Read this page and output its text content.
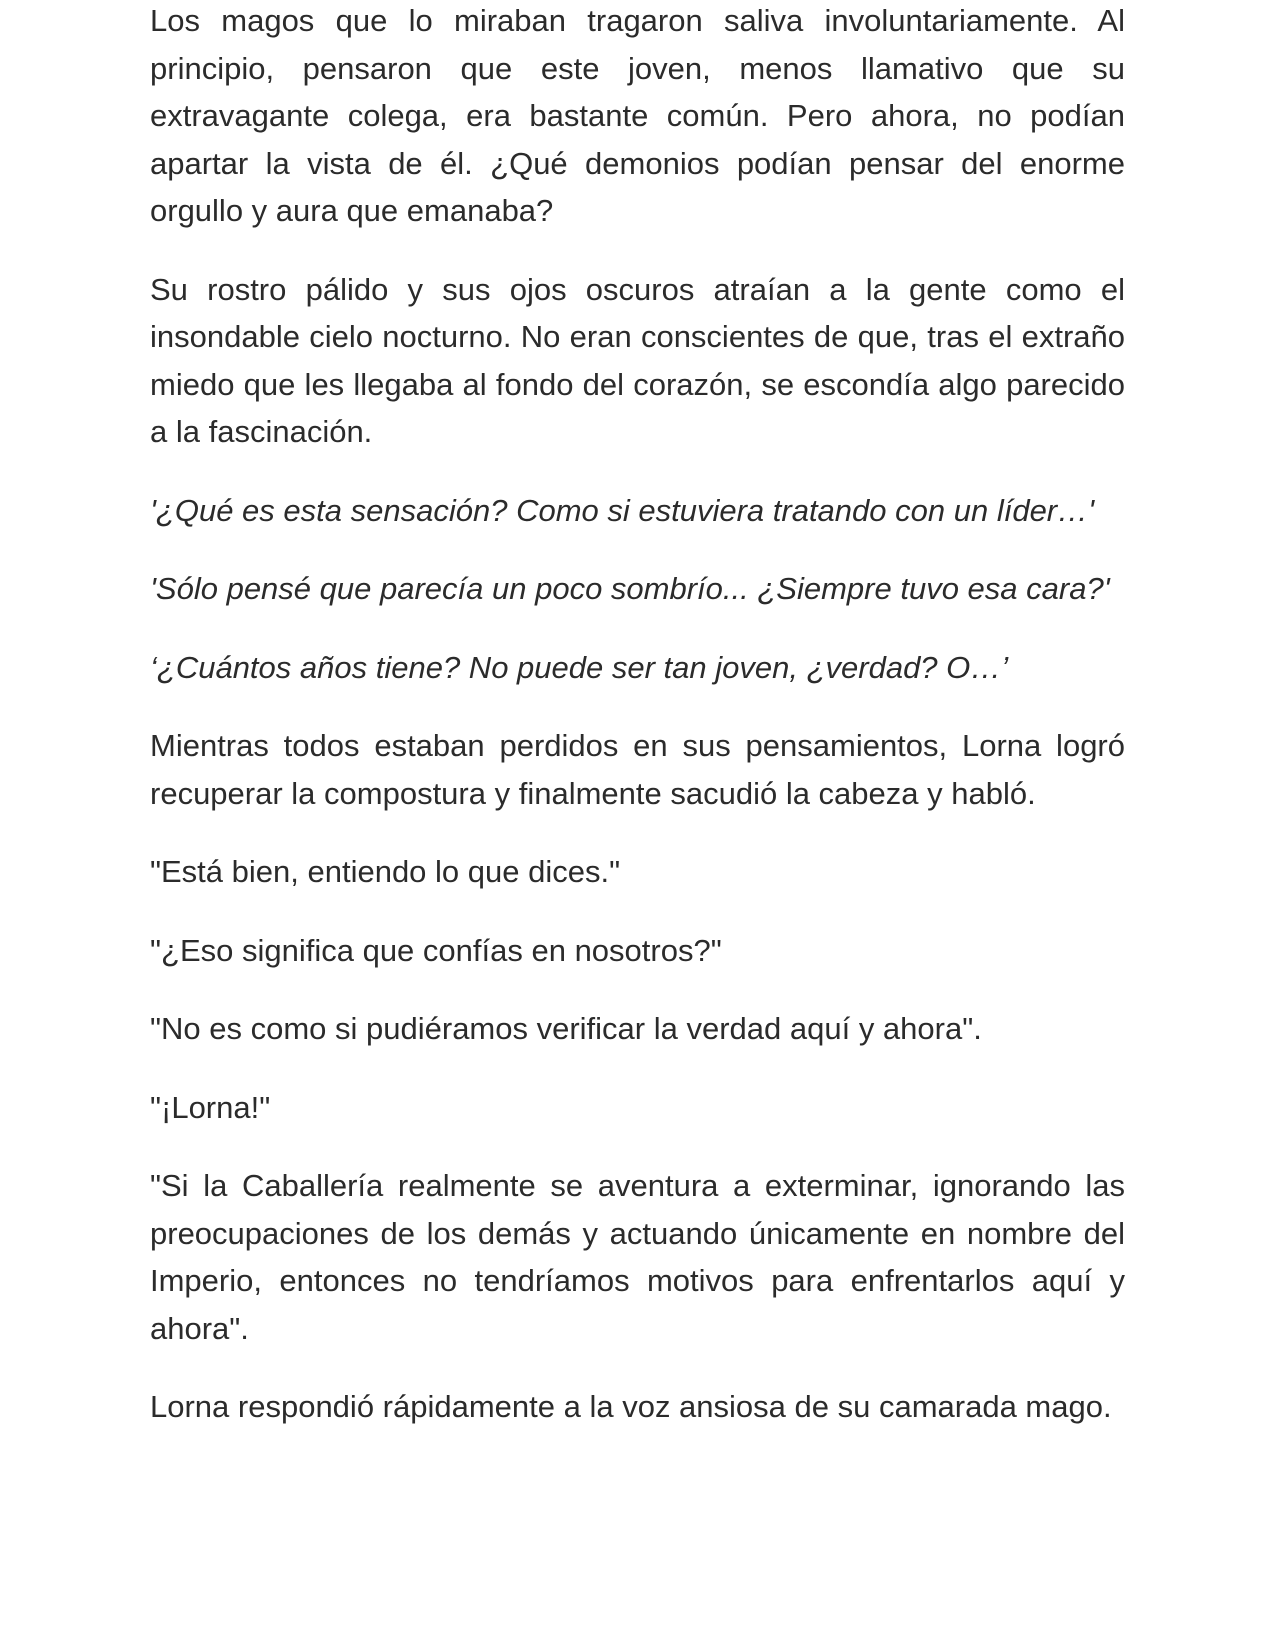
Los magos que lo miraban tragaron saliva involuntariamente. Al principio, pensaron que este joven, menos llamativo que su extravagante colega, era bastante común. Pero ahora, no podían apartar la vista de él. ¿Qué demonios podían pensar del enorme orgullo y aura que emanaba?

Su rostro pálido y sus ojos oscuros atraían a la gente como el insondable cielo nocturno. No eran conscientes de que, tras el extraño miedo que les llegaba al fondo del corazón, se escondía algo parecido a la fascinación.

'¿Qué es esta sensación? Como si estuviera tratando con un líder…'

'Sólo pensé que parecía un poco sombrío... ¿Siempre tuvo esa cara?'

‘¿Cuántos años tiene? No puede ser tan joven, ¿verdad? O…’

Mientras todos estaban perdidos en sus pensamientos, Lorna logró recuperar la compostura y finalmente sacudió la cabeza y habló.

"Está bien, entiendo lo que dices."

"¿Eso significa que confías en nosotros?"

"No es como si pudiéramos verificar la verdad aquí y ahora".

"¡Lorna!"

"Si la Caballería realmente se aventura a exterminar, ignorando las preocupaciones de los demás y actuando únicamente en nombre del Imperio, entonces no tendríamos motivos para enfrentarlos aquí y ahora".

Lorna respondió rápidamente a la voz ansiosa de su camarada mago.
